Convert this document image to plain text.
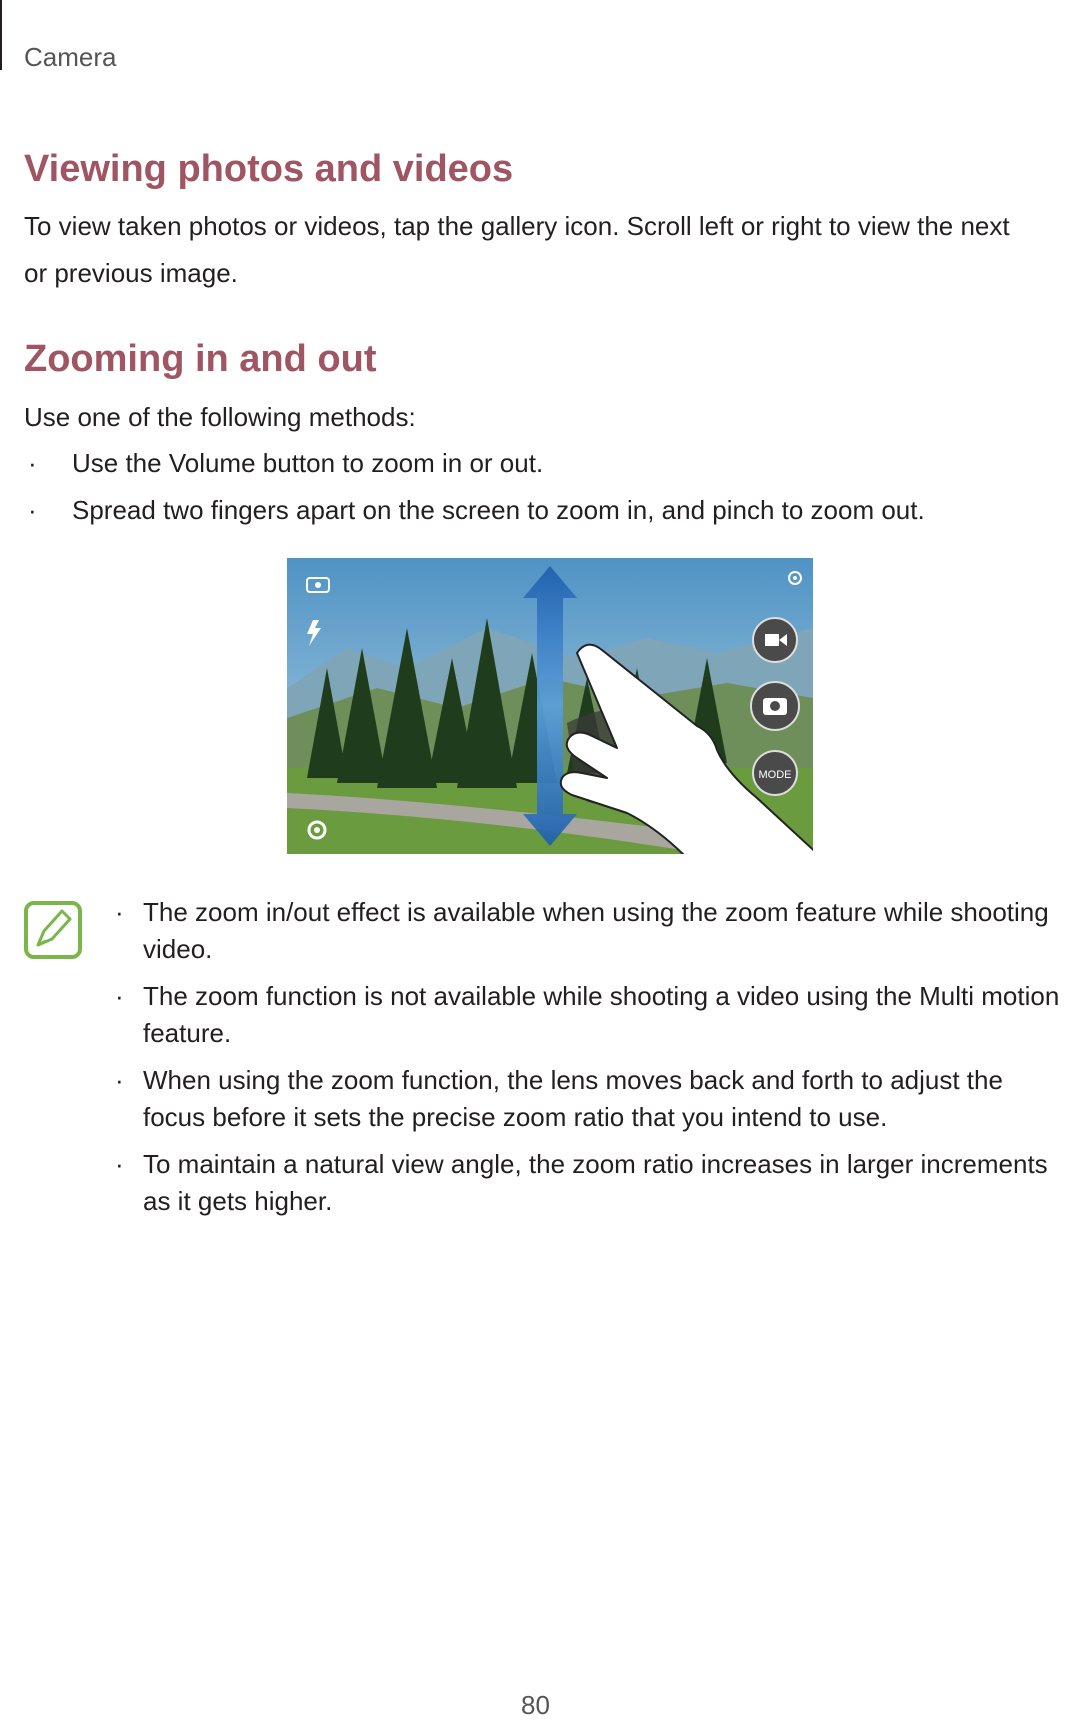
Camera
Viewing photos and videos

To view taken photos or videos, tap the gallery icon. Scroll left or right to view the next or previous image.

Zooming in and out

Use one of the following methods:

· Use the Volume button to zoom in or out.
· Spread two fingers apart on the screen to zoom in, and pinch to zoom out.
MODE
· The zoom in/out effect is available when using the zoom feature while shooting video.
· The zoom function is not available while shooting a video using the Multi motion feature.
· When using the zoom function, the lens moves back and forth to adjust the focus before it sets the precise zoom ratio that you intend to use.
· To maintain a natural view angle, the zoom ratio increases in larger increments as it gets higher.
80
